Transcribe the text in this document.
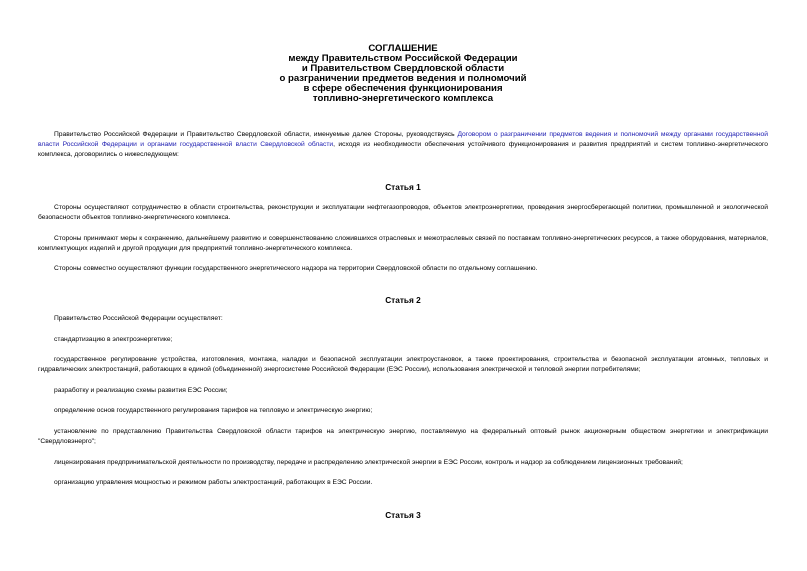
СОГЛАШЕНИЕ
между Правительством Российской Федерации
и Правительством Свердловской области
о разграничении предметов ведения и полномочий
в сфере обеспечения функционирования
топливно-энергетического комплекса
Правительство Российской Федерации и Правительство Свердловской области, именуемые далее Стороны, руководствуясь Договором о разграничении предметов ведения и полномочий между органами государственной власти Российской Федерации и органами государственной власти Свердловской области, исходя из необходимости обеспечения устойчивого функционирования и развития предприятий и систем топливно-энергетического комплекса, договорились о нижеследующем:
Статья 1
Стороны осуществляют сотрудничество в области строительства, реконструкции и эксплуатации нефтегазопроводов, объектов электроэнергетики, проведения энергосберегающей политики, промышленной и экологической безопасности объектов топливно-энергетического комплекса.
Стороны принимают меры к сохранению, дальнейшему развитию и совершенствованию сложившихся отраслевых и межотраслевых связей по поставкам топливно-энергетических ресурсов, а также оборудования, материалов, комплектующих изделий и другой продукции для предприятий топливно-энергетического комплекса.
Стороны совместно осуществляют функции государственного энергетического надзора на территории Свердловской области по отдельному соглашению.
Статья 2
Правительство Российской Федерации осуществляет:
стандартизацию в электроэнергетике;
государственное регулирование устройства, изготовления, монтажа, наладки и безопасной эксплуатации электроустановок, а также проектирования, строительства и безопасной эксплуатации атомных, тепловых и гидравлических электростанций, работающих в единой (объединенной) энергосистеме Российской Федерации (ЕЭС России), использования электрической и тепловой энергии потребителями;
разработку и реализацию схемы развития ЕЭС России;
определение основ государственного регулирования тарифов на тепловую и электрическую энергию;
установление по представлению Правительства Свердловской области тарифов на электрическую энергию, поставляемую на федеральный оптовый рынок акционерным обществом энергетики и электрификации "Свердловэнерго";
лицензирования предпринимательской деятельности по производству, передаче и распределению электрической энергии в ЕЭС России, контроль и надзор за соблюдением лицензионных требований;
организацию управления мощностью и режимом работы электростанций, работающих в ЕЭС России.
Статья 3
